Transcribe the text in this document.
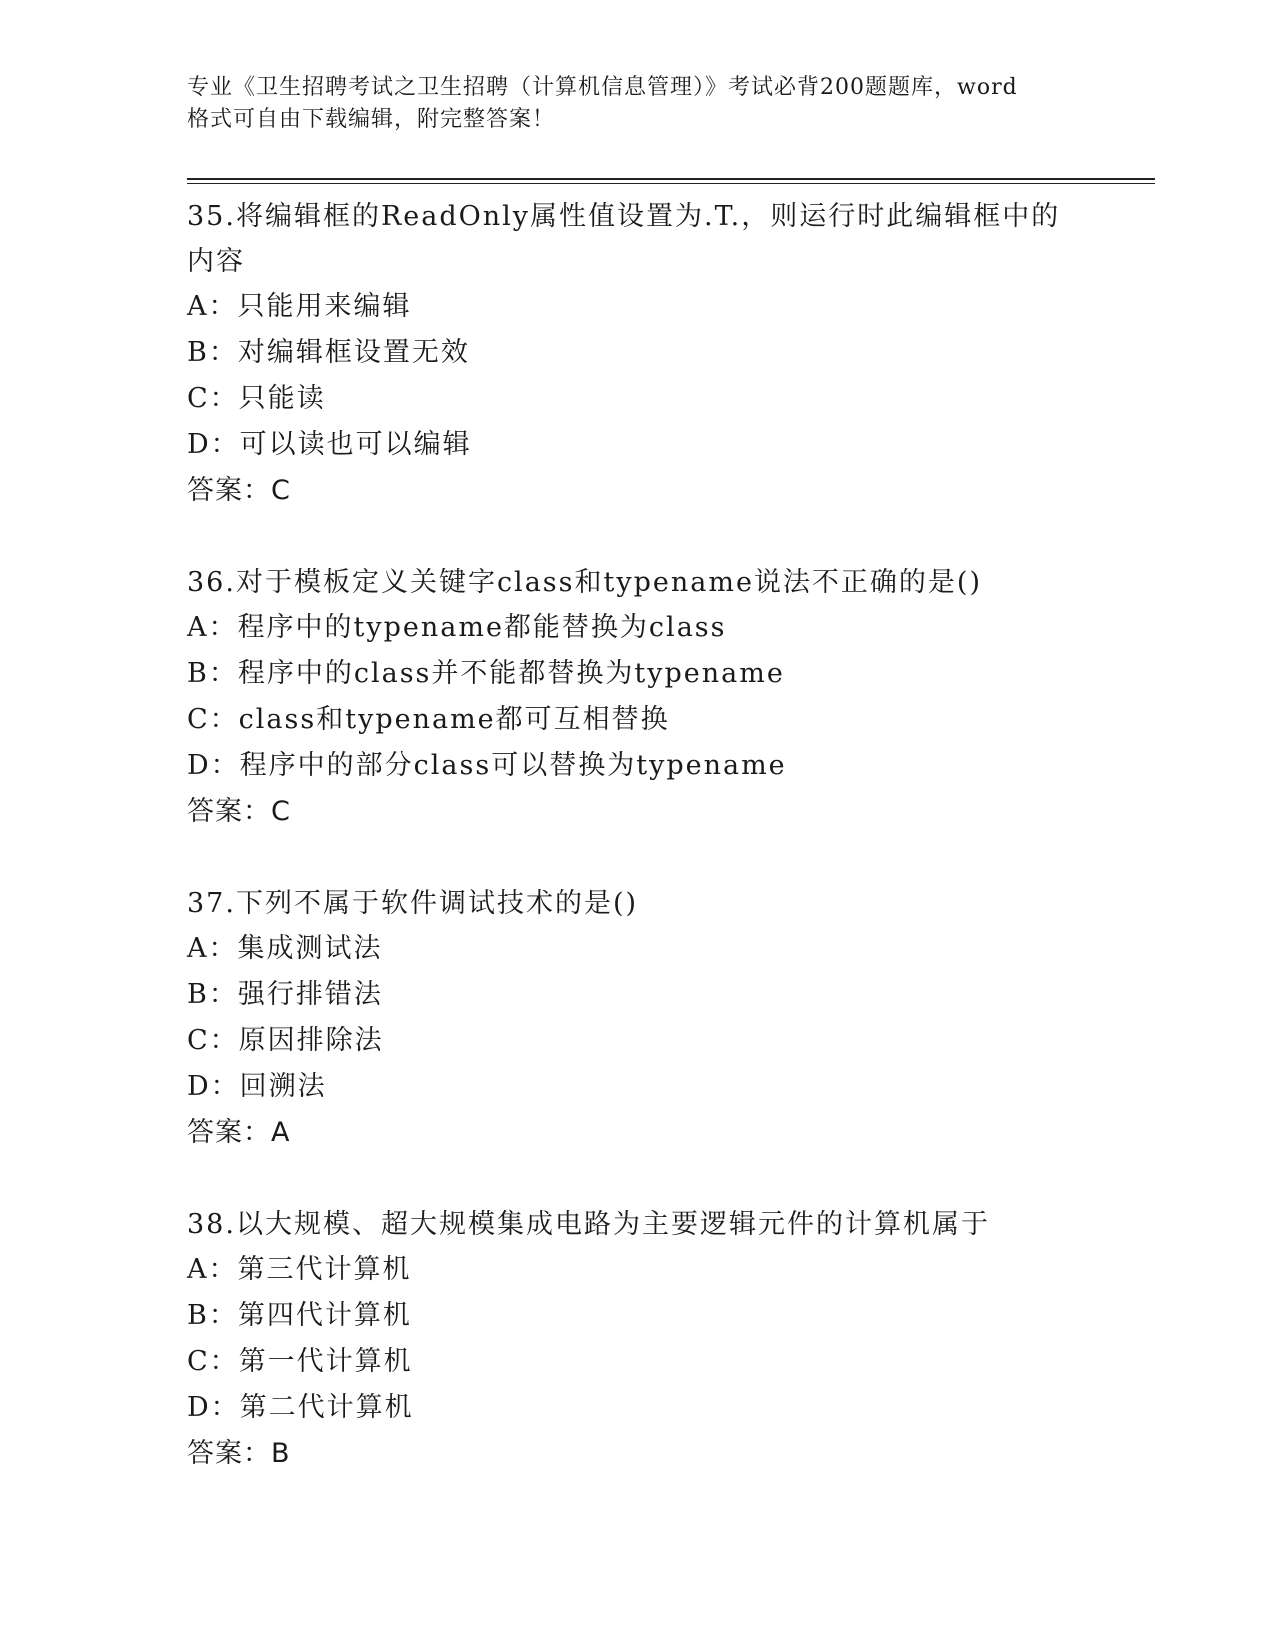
专业《卫生招聘考试之卫生招聘（计算机信息管理）》考试必背200题题库，word
格式可自由下载编辑，附完整答案！

35.将编辑框的ReadOnly属性值设置为.T.，则运行时此编辑框中的内容

A：只能用来编辑
B：对编辑框设置无效
C：只能读
D：可以读也可以编辑
答案：C

36.对于模板定义关键字class和typename说法不正确的是()

A：程序中的typename都能替换为class
B：程序中的class并不能都替换为typename
C：class和typename都可互相替换
D：程序中的部分class可以替换为typename
答案：C

37.下列不属于软件调试技术的是()

A：集成测试法
B：强行排错法
C：原因排除法
D：回溯法
答案：A

38.以大规模、超大规模集成电路为主要逻辑元件的计算机属于

A：第三代计算机
B：第四代计算机
C：第一代计算机
D：第二代计算机
答案：B
